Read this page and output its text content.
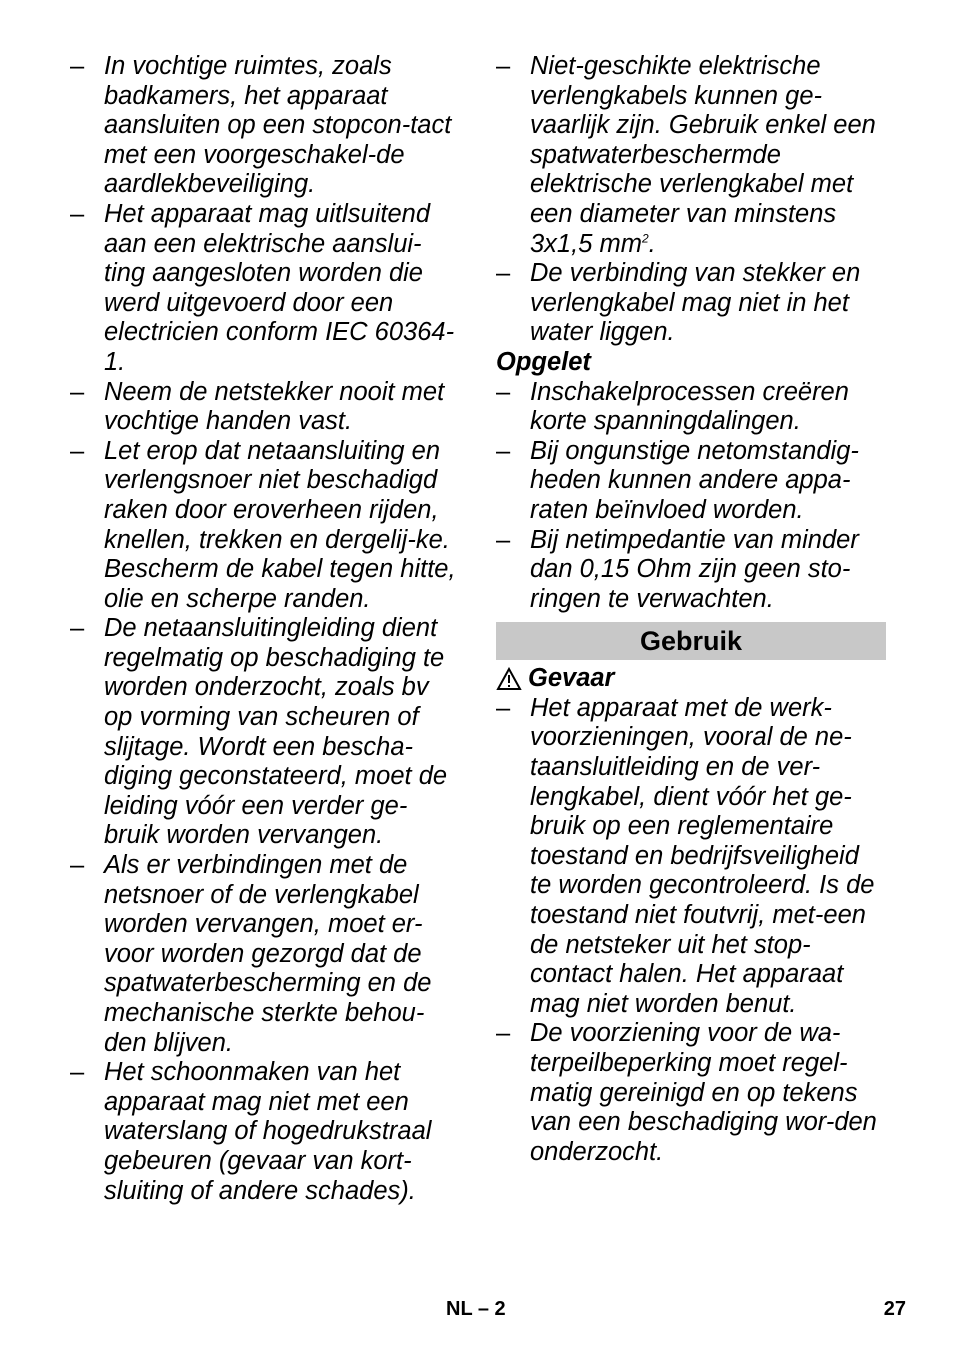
– In vochtige ruimtes, zoals badkamers, het apparaat aansluiten op een stopcon-tact met een voorgeschakel-de aardlekbeveiliging.
– Het apparaat mag uitlsuitend aan een elektrische aanslui-ting aangesloten worden die werd uitgevoerd door een electricien conform IEC 60364-1.
– Neem de netstekker nooit met vochtige handen vast.
– Let erop dat netaansluiting en verlengsnoer niet beschadigd raken door eroverheen rijden, knellen, trekken en dergelij-ke. Bescherm de kabel tegen hitte, olie en scherpe randen.
– De netaansluitingleiding dient regelmatig op beschadiging te worden onderzocht, zoals bv op vorming van scheuren of slijtage. Wordt een bescha-diging geconstateerd, moet de leiding vóór een verder ge-bruik worden vervangen.
– Als er verbindingen met de netsnoer of de verlengkabel worden vervangen, moet er-voor worden gezorgd dat de spatwaterbescherming en de mechanische sterkte behou-den blijven.
– Het schoonmaken van het apparaat mag niet met een waterslang of hogedrukstraal gebeuren (gevaar van kort-sluiting of andere schades).
– Niet-geschikte elektrische verlengkabels kunnen ge-vaarlijk zijn. Gebruik enkel een spatwaterbeschermde elektrische verlengkabel met een diameter van minstens 3x1,5 $mm^2$.
– De verbinding van stekker en verlengkabel mag niet in het water liggen.

Opgelet

– Inschakelprocessen creëren korte spanningdalingen.
– Bij ongunstige netomstandig-heden kunnen andere appa-raten beïnvloed worden.
– Bij netimpedantie van minder dan 0,15 Ohm zijn geen sto-ringen te verwachten.
Gebruik
Gevaar
– Het apparaat met de werk-voorzieningen, vooral de ne-taansluitleiding en de ver-lengkabel, dient vóór het ge-bruik op een reglementaire toestand en bedrijfsveiligheid te worden gecontroleerd. Is de toestand niet foutvrij, met-een de netsteker uit het stop-contact halen. Het apparaat mag niet worden benut.
– De voorziening voor de wa-terpeilbeperking moet regel-matig gereinigd en op tekens van een beschadiging wor-den onderzocht.
NL – 2	27
